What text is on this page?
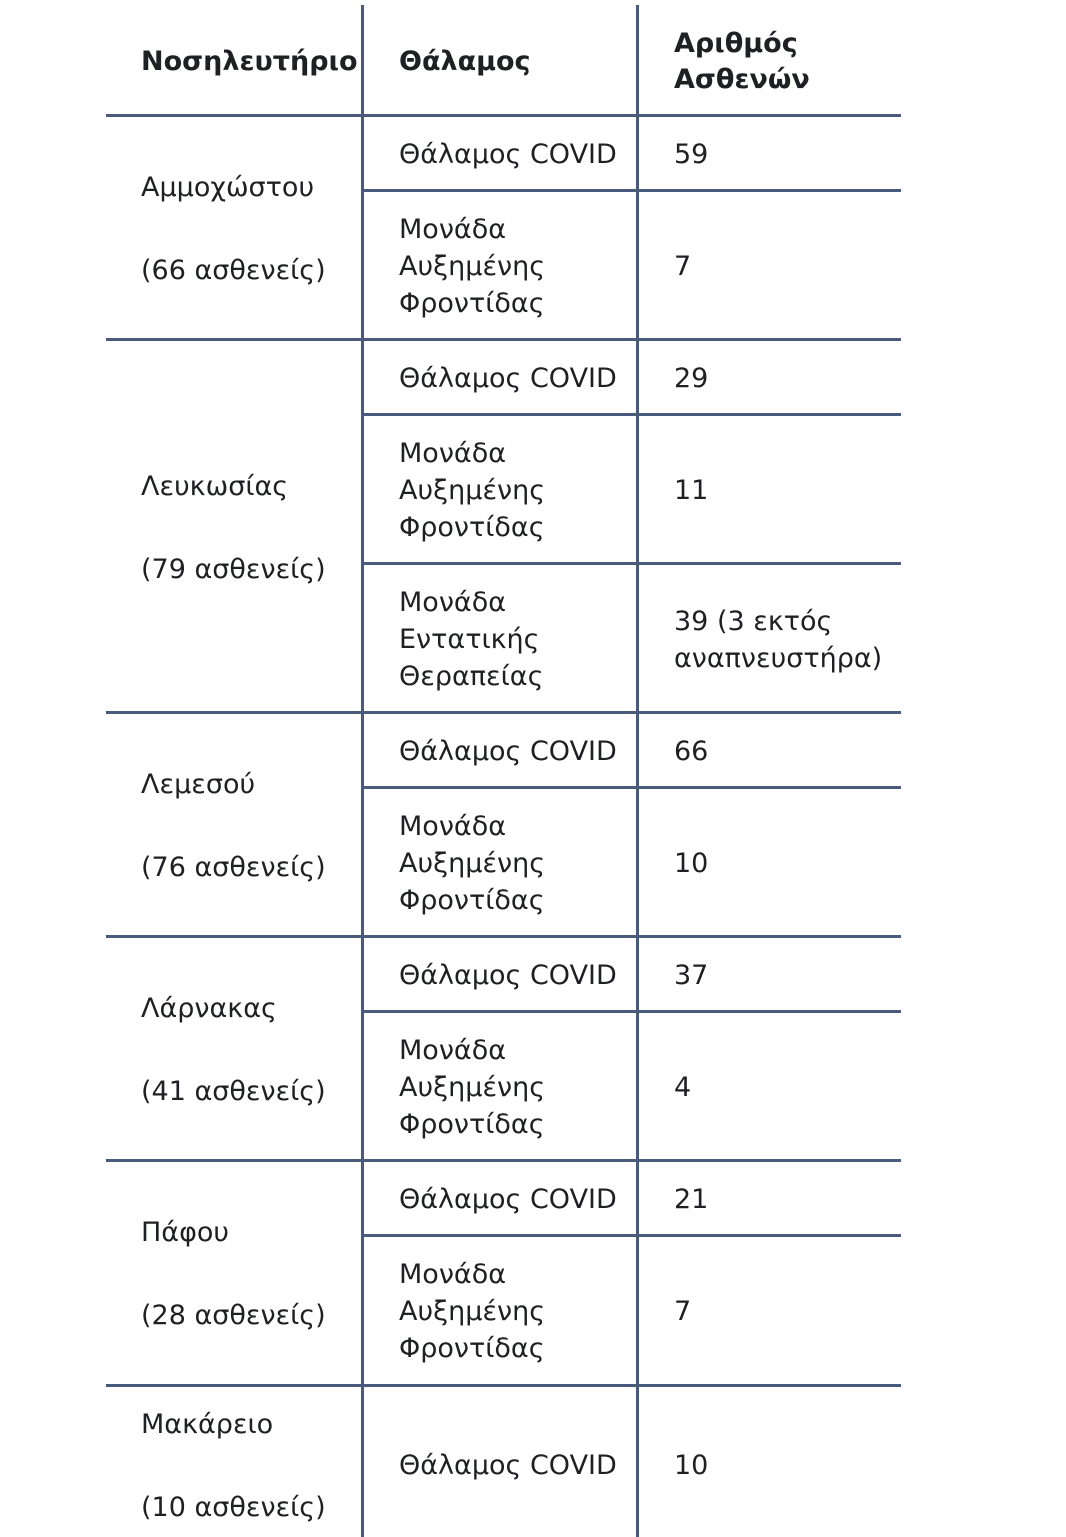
Νοσηλευτήριο Θάλαμος
Αριθμός
Ασθενών
Αμμοχώστου
(66 ασθενείς)
Θάλαμος COVID 59
Μονάδα
Αυξημένης
Φροντίδας
7
Λευκωσίας
(79 ασθενείς)
Θάλαμος COVID 29
Μονάδα
Αυξημένης
Φροντίδας
11
Μονάδα
Εντατικής
Θεραπείας
39 (3 εκτός
αναπνευστήρα)
Λεμεσού
(76 ασθενείς)
Θάλαμος COVID 66
Μονάδα
Αυξημένης
Φροντίδας
10
Λάρνακας
(41 ασθενείς)
Θάλαμος COVID 37
Μονάδα
Αυξημένης
Φροντίδας
4
Πάφου
(28 ασθενείς)
Θάλαμος COVID 21
Μονάδα
Αυξημένης
Φροντίδας
7
Μακάρειο
(10 ασθενείς)
Θάλαμος COVID 10
